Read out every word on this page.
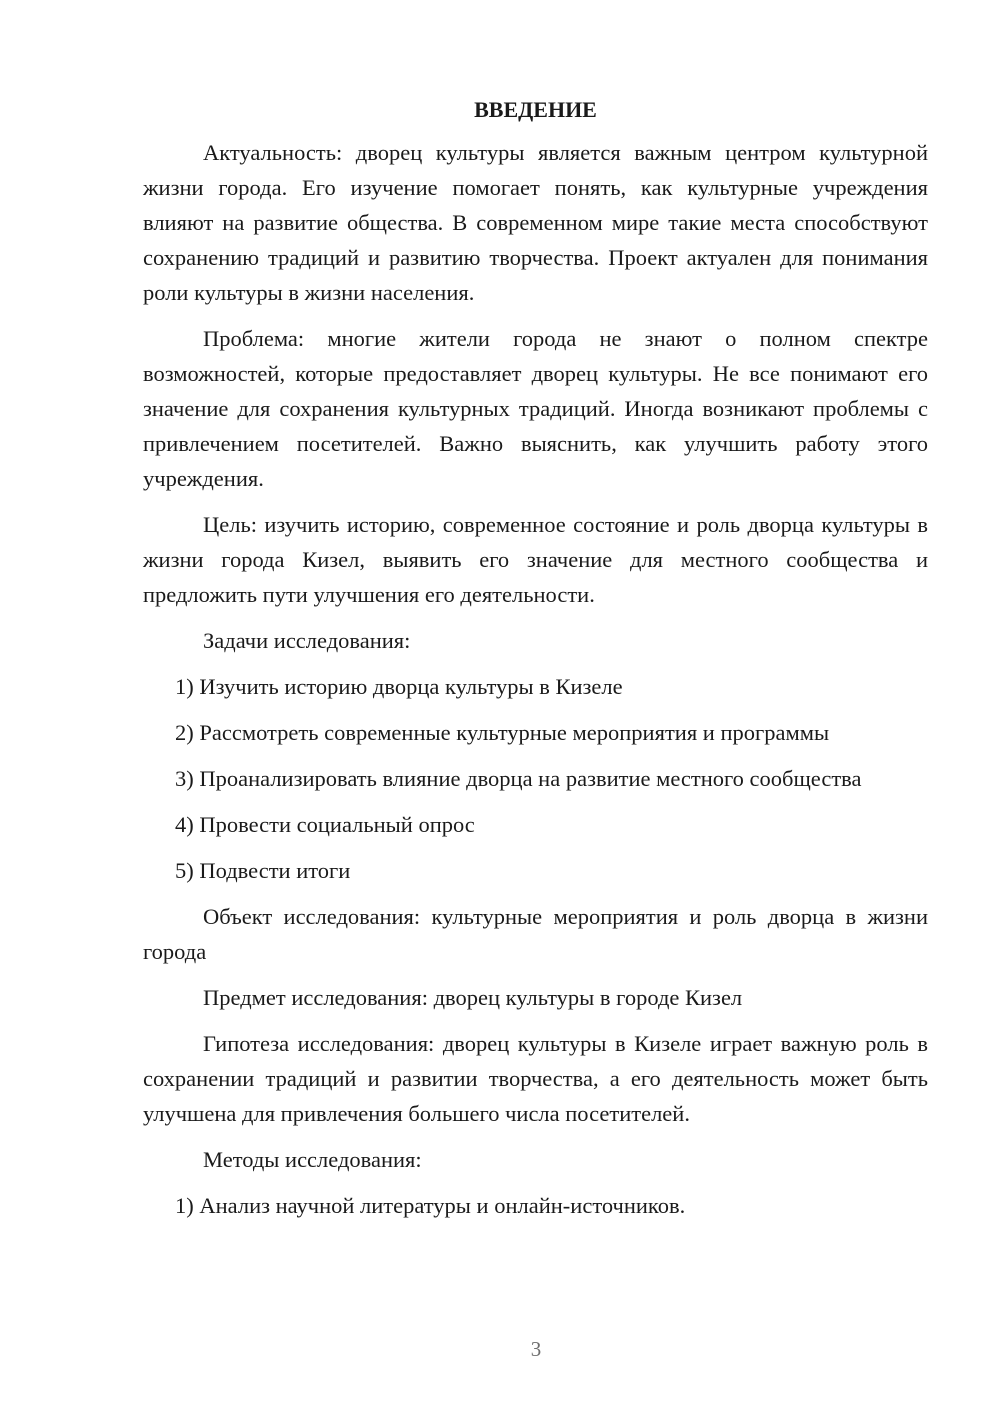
ВВЕДЕНИЕ

Актуальность: дворец культуры является важным центром культурной жизни города. Его изучение помогает понять, как культурные учреждения влияют на развитие общества. В современном мире такие места способствуют сохранению традиций и развитию творчества. Проект актуален для понимания роли культуры в жизни населения.

Проблема: многие жители города не знают о полном спектре возможностей, которые предоставляет дворец культуры. Не все понимают его значение для сохранения культурных традиций. Иногда возникают проблемы с привлечением посетителей. Важно выяснить, как улучшить работу этого учреждения.

Цель: изучить историю, современное состояние и роль дворца культуры в жизни города Кизел, выявить его значение для местного сообщества и предложить пути улучшения его деятельности.

Задачи исследования:

1) Изучить историю дворца культуры в Кизеле

2) Рассмотреть современные культурные мероприятия и программы

3) Проанализировать влияние дворца на развитие местного сообщества

4) Провести социальный опрос

5) Подвести итоги

Объект исследования: культурные мероприятия и роль дворца в жизни города

Предмет исследования: дворец культуры в городе Кизел

Гипотеза исследования: дворец культуры в Кизеле играет важную роль в сохранении традиций и развитии творчества, а его деятельность может быть улучшена для привлечения большего числа посетителей.

Методы исследования:

1) Анализ научной литературы и онлайн-источников.

3
